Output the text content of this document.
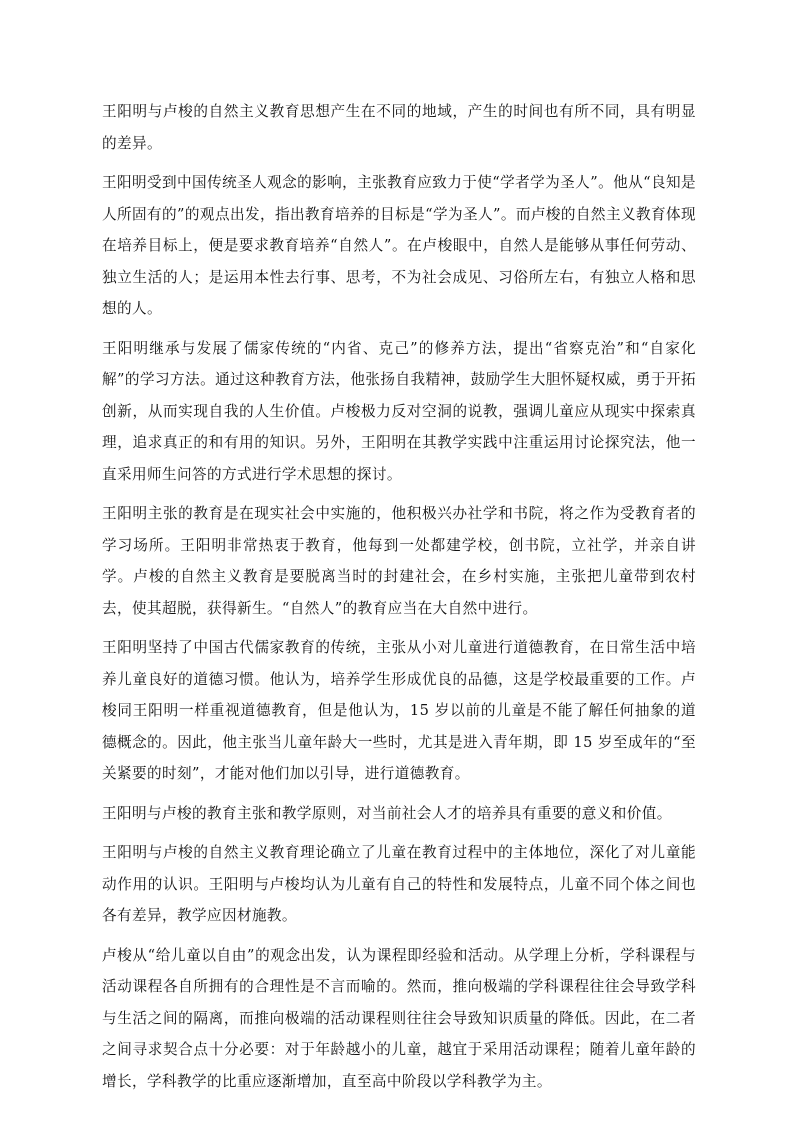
王阳明与卢梭的自然主义教育思想产生在不同的地域，产生的时间也有所不同，具有明显的差异。

王阳明受到中国传统圣人观念的影响，主张教育应致力于使“学者学为圣人”。他从“良知是人所固有的”的观点出发，指出教育培养的目标是“学为圣人”。而卢梭的自然主义教育体现在培养目标上，便是要求教育培养“自然人”。在卢梭眼中，自然人是能够从事任何劳动、独立生活的人；是运用本性去行事、思考，不为社会成见、习俗所左右，有独立人格和思想的人。

王阳明继承与发展了儒家传统的“内省、克己”的修养方法，提出“省察克治”和“自家化解”的学习方法。通过这种教育方法，他张扬自我精神，鼓励学生大胆怀疑权威，勇于开拓创新，从而实现自我的人生价值。卢梭极力反对空洞的说教，强调儿童应从现实中探索真理，追求真正的和有用的知识。另外，王阳明在其教学实践中注重运用讨论探究法，他一直采用师生问答的方式进行学术思想的探讨。

王阳明主张的教育是在现实社会中实施的，他积极兴办社学和书院，将之作为受教育者的学习场所。王阳明非常热衷于教育，他每到一处都建学校，创书院，立社学，并亲自讲学。卢梭的自然主义教育是要脱离当时的封建社会，在乡村实施，主张把儿童带到农村去，使其超脱，获得新生。“自然人”的教育应当在大自然中进行。

王阳明坚持了中国古代儒家教育的传统，主张从小对儿童进行道德教育，在日常生活中培养儿童良好的道德习惯。他认为，培养学生形成优良的品德，这是学校最重要的工作。卢梭同王阳明一样重视道德教育，但是他认为，15 岁以前的儿童是不能了解任何抽象的道德概念的。因此，他主张当儿童年龄大一些时，尤其是进入青年期，即 15 岁至成年的“至关紧要的时刻”，才能对他们加以引导，进行道德教育。

王阳明与卢梭的教育主张和教学原则，对当前社会人才的培养具有重要的意义和价值。

王阳明与卢梭的自然主义教育理论确立了儿童在教育过程中的主体地位，深化了对儿童能动作用的认识。王阳明与卢梭均认为儿童有自己的特性和发展特点，儿童不同个体之间也各有差异，教学应因材施教。

卢梭从“给儿童以自由”的观念出发，认为课程即经验和活动。从学理上分析，学科课程与活动课程各自所拥有的合理性是不言而喻的。然而，推向极端的学科课程往往会导致学科与生活之间的隔离，而推向极端的活动课程则往往会导致知识质量的降低。因此，在二者之间寻求契合点十分必要：对于年龄越小的儿童，越宜于采用活动课程；随着儿童年龄的增长，学科教学的比重应逐渐增加，直至高中阶段以学科教学为主。
